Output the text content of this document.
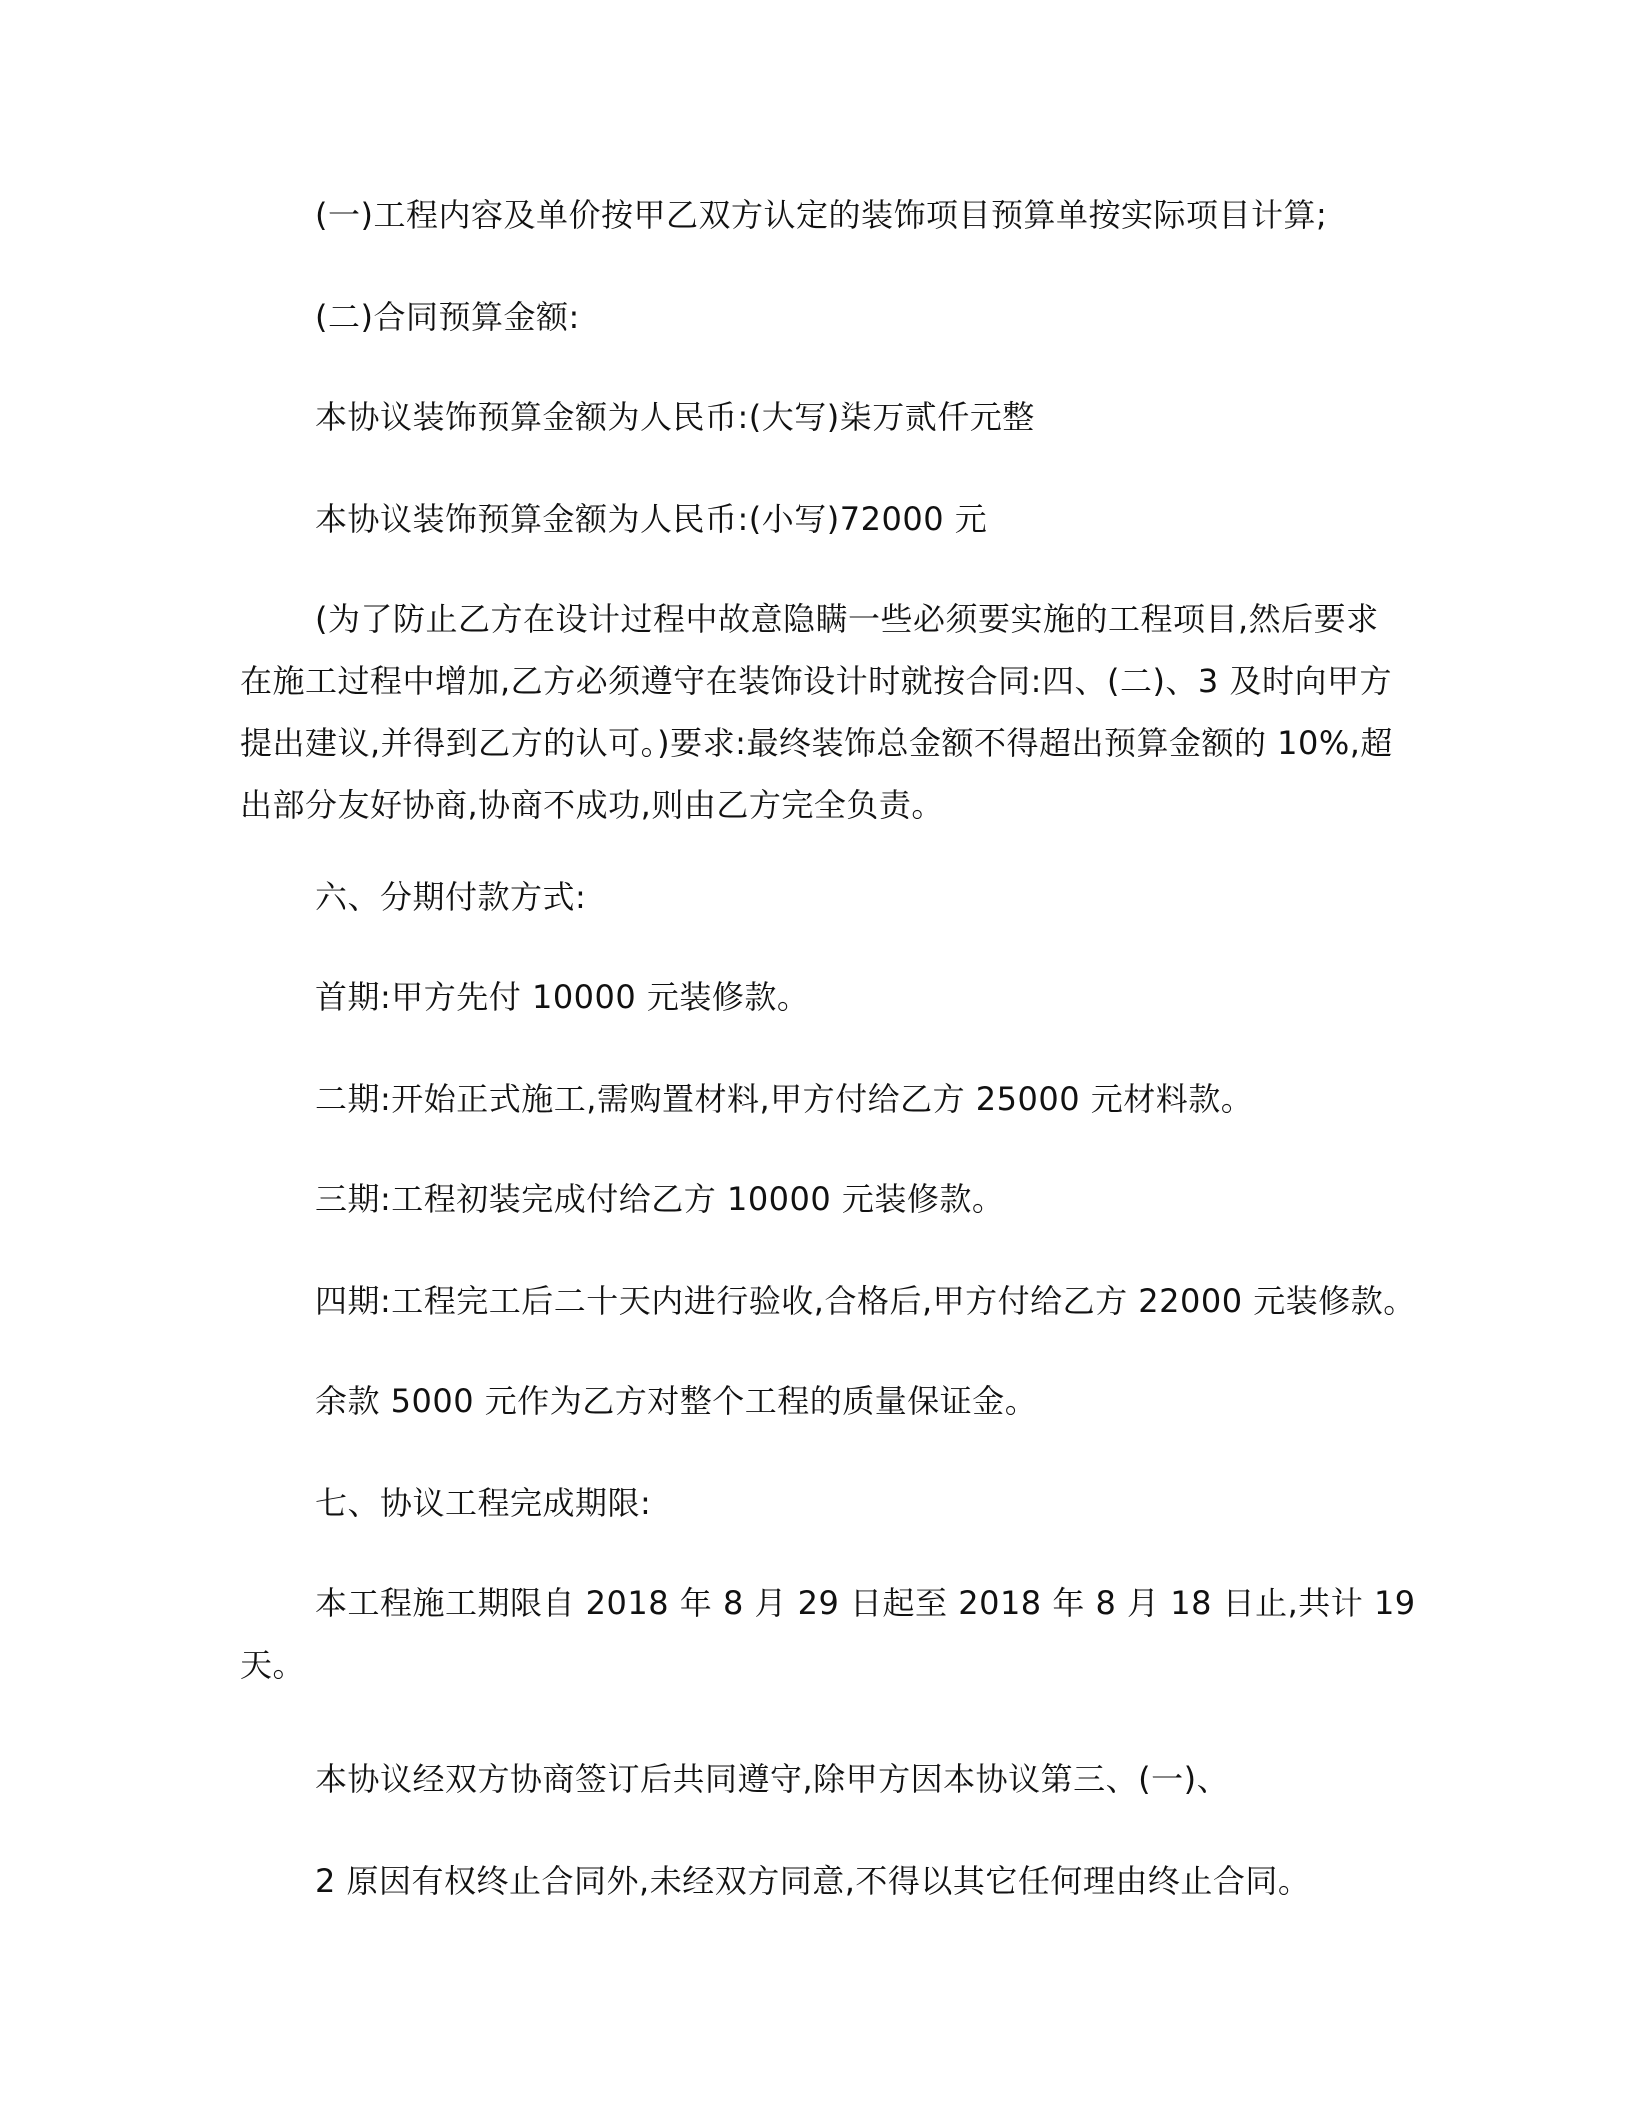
(一)工程内容及单价按甲乙双方认定的装饰项目预算单按实际项目计算;

(二)合同预算金额:

本协议装饰预算金额为人民币:(大写)柒万贰仟元整

本协议装饰预算金额为人民币:(小写)72000 元

(为了防止乙方在设计过程中故意隐瞒一些必须要实施的工程项目,然后要求
在施工过程中增加,乙方必须遵守在装饰设计时就按合同:四、(二)、3 及时向甲方
提出建议,并得到乙方的认可。)要求:最终装饰总金额不得超出预算金额的 10%,超
出部分友好协商,协商不成功,则由乙方完全负责。

六、分期付款方式:

首期:甲方先付 10000 元装修款。

二期:开始正式施工,需购置材料,甲方付给乙方 25000 元材料款。

三期:工程初装完成付给乙方 10000 元装修款。

四期:工程完工后二十天内进行验收,合格后,甲方付给乙方 22000 元装修款。

余款 5000 元作为乙方对整个工程的质量保证金。

七、协议工程完成期限:

本工程施工期限自 2018 年 8 月 29 日起至 2018 年 8 月 18 日止,共计 19
天。

本协议经双方协商签订后共同遵守,除甲方因本协议第三、(一)、

2 原因有权终止合同外,未经双方同意,不得以其它任何理由终止合同。
